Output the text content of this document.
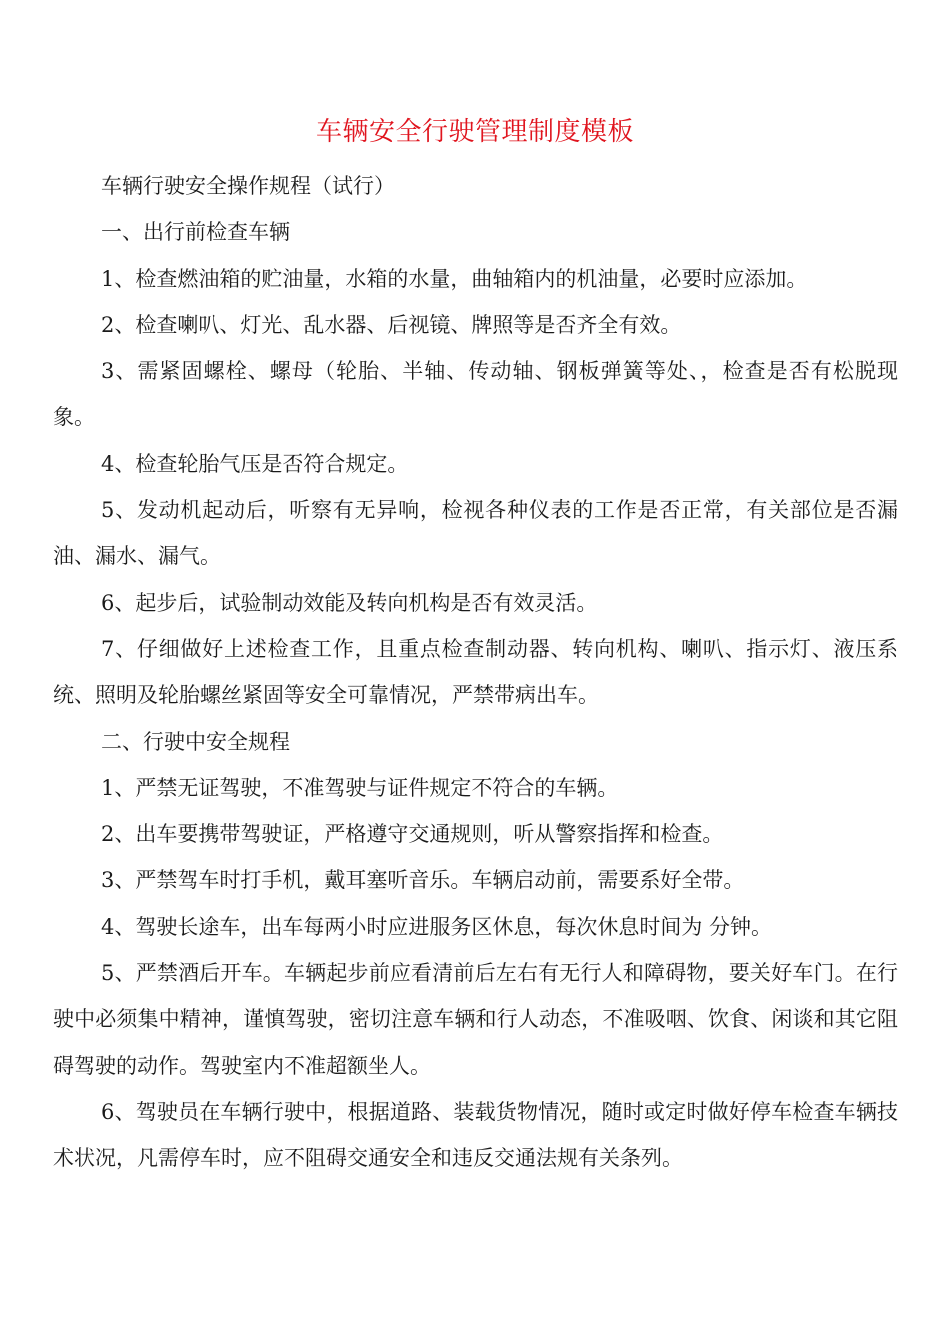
车辆安全行驶管理制度模板

车辆行驶安全操作规程（试行）

一、出行前检查车辆

1、检查燃油箱的贮油量，水箱的水量，曲轴箱内的机油量，必要时应添加。

2、检查喇叭、灯光、乱水器、后视镜、牌照等是否齐全有效。

3、需紧固螺栓、螺母（轮胎、半轴、传动轴、钢板弹簧等处、，检查是否有松脱现象。

4、检查轮胎气压是否符合规定。

5、发动机起动后，听察有无异响，检视各种仪表的工作是否正常，有关部位是否漏油、漏水、漏气。

6、起步后，试验制动效能及转向机构是否有效灵活。

7、仔细做好上述检查工作，且重点检查制动器、转向机构、喇叭、指示灯、液压系统、照明及轮胎螺丝紧固等安全可靠情况，严禁带病出车。

二、行驶中安全规程

1、严禁无证驾驶，不准驾驶与证件规定不符合的车辆。

2、出车要携带驾驶证，严格遵守交通规则，听从警察指挥和检查。

3、严禁驾车时打手机，戴耳塞听音乐。车辆启动前，需要系好全带。

4、驾驶长途车，出车每两小时应进服务区休息，每次休息时间为 分钟。

5、严禁酒后开车。车辆起步前应看清前后左右有无行人和障碍物，要关好车门。在行驶中必须集中精神，谨慎驾驶，密切注意车辆和行人动态，不准吸咽、饮食、闲谈和其它阻碍驾驶的动作。驾驶室内不准超额坐人。

6、驾驶员在车辆行驶中，根据道路、装载货物情况，随时或定时做好停车检查车辆技术状况，凡需停车时，应不阻碍交通安全和违反交通法规有关条列。
